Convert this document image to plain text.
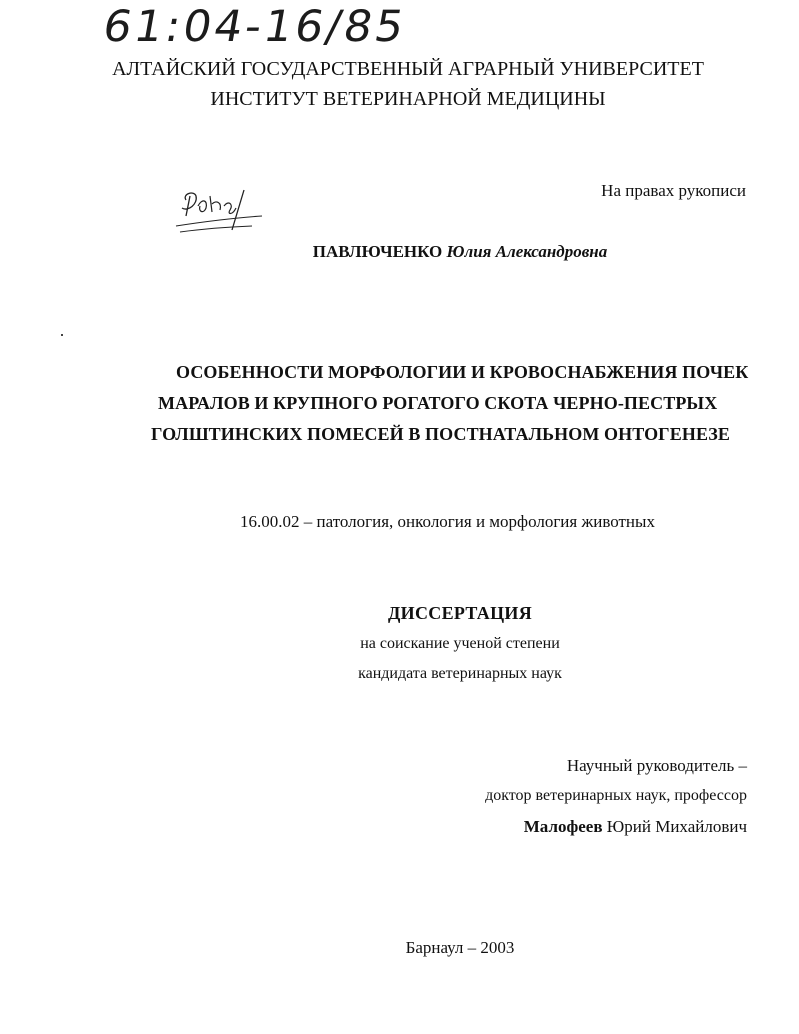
61:04-16/85
АЛТАЙСКИЙ ГОСУДАРСТВЕННЫЙ АГРАРНЫЙ УНИВЕРСИТЕТ
ИНСТИТУТ ВЕТЕРИНАРНОЙ МЕДИЦИНЫ
На правах рукописи
ПАВЛЮЧЕНКО Юлия Александровна
ОСОБЕННОСТИ МОРФОЛОГИИ И КРОВОСНАБЖЕНИЯ ПОЧЕК
МАРАЛОВ И КРУПНОГО РОГАТОГО СКОТА ЧЕРНО-ПЕСТРЫХ
ГОЛШТИНСКИХ ПОМЕСЕЙ В ПОСТНАТАЛЬНОМ ОНТОГЕНЕЗЕ
16.00.02 – патология, онкология и морфология животных
ДИССЕРТАЦИЯ
на соискание ученой степени
кандидата ветеринарных наук
Научный руководитель –
доктор ветеринарных наук, профессор
Малофеев Юрий Михайлович
Барнаул – 2003
